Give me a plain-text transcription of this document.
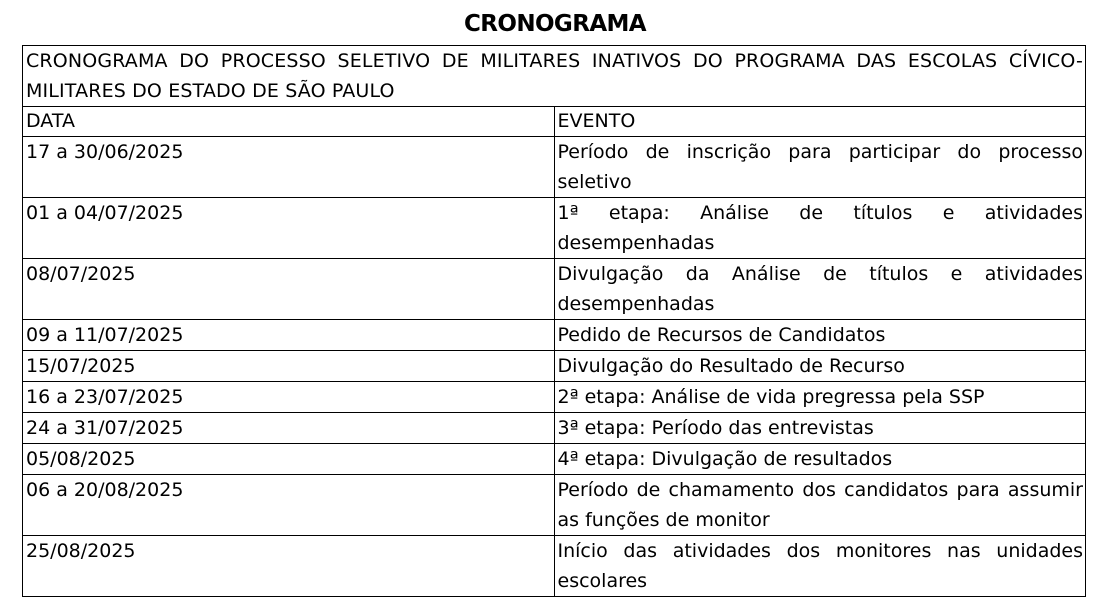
CRONOGRAMA
CRONOGRAMA DO PROCESSO SELETIVO DE MILITARES INATIVOS DO PROGRAMA DAS ESCOLAS CÍVICO-MILITARES DO ESTADO DE SÃO PAULO	
DATA	EVENTO
17 a 30/06/2025	Período de inscrição para participar do processo seletivo
01 a 04/07/2025	1ª etapa: Análise de títulos e atividades desempenhadas
08/07/2025	Divulgação da Análise de títulos e atividades desempenhadas
09 a 11/07/2025	Pedido de Recursos de Candidatos
15/07/2025	Divulgação do Resultado de Recurso
16 a 23/07/2025	2ª etapa: Análise de vida pregressa pela SSP
24 a 31/07/2025	3ª etapa: Período das entrevistas
05/08/2025	4ª etapa: Divulgação de resultados
06 a 20/08/2025	Período de chamamento dos candidatos para assumir as funções de monitor
25/08/2025	Início das atividades dos monitores nas unidades escolares
